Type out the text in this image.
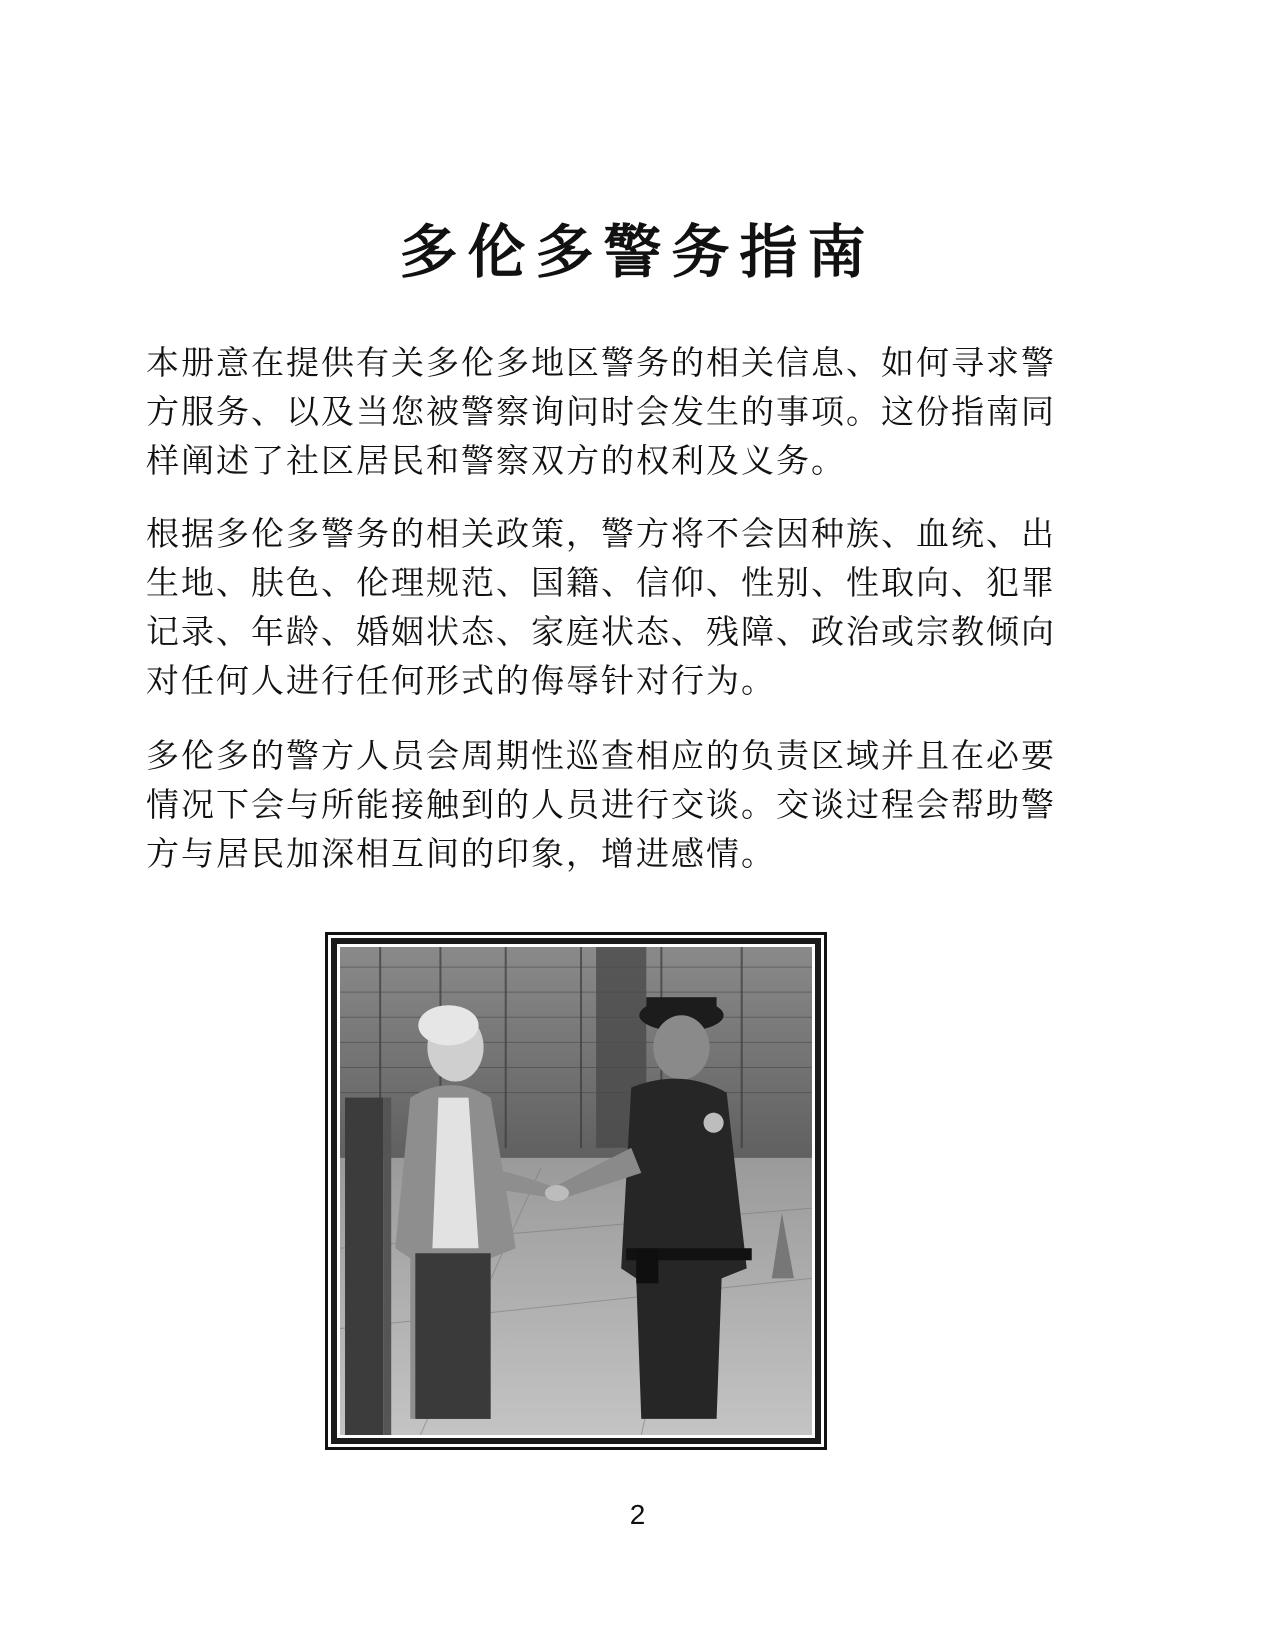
多伦多警务指南

本册意在提供有关多伦多地区警务的相关信息、如何寻求警方服务、以及当您被警察询问时会发生的事项。这份指南同样阐述了社区居民和警察双方的权利及义务。

根据多伦多警务的相关政策，警方将不会因种族、血统、出生地、肤色、伦理规范、国籍、信仰、性别、性取向、犯罪记录、年龄、婚姻状态、家庭状态、残障、政治或宗教倾向对任何人进行任何形式的侮辱针对行为。

多伦多的警方人员会周期性巡查相应的负责区域并且在必要情况下会与所能接触到的人员进行交谈。交谈过程会帮助警方与居民加深相互间的印象，增进感情。

2
